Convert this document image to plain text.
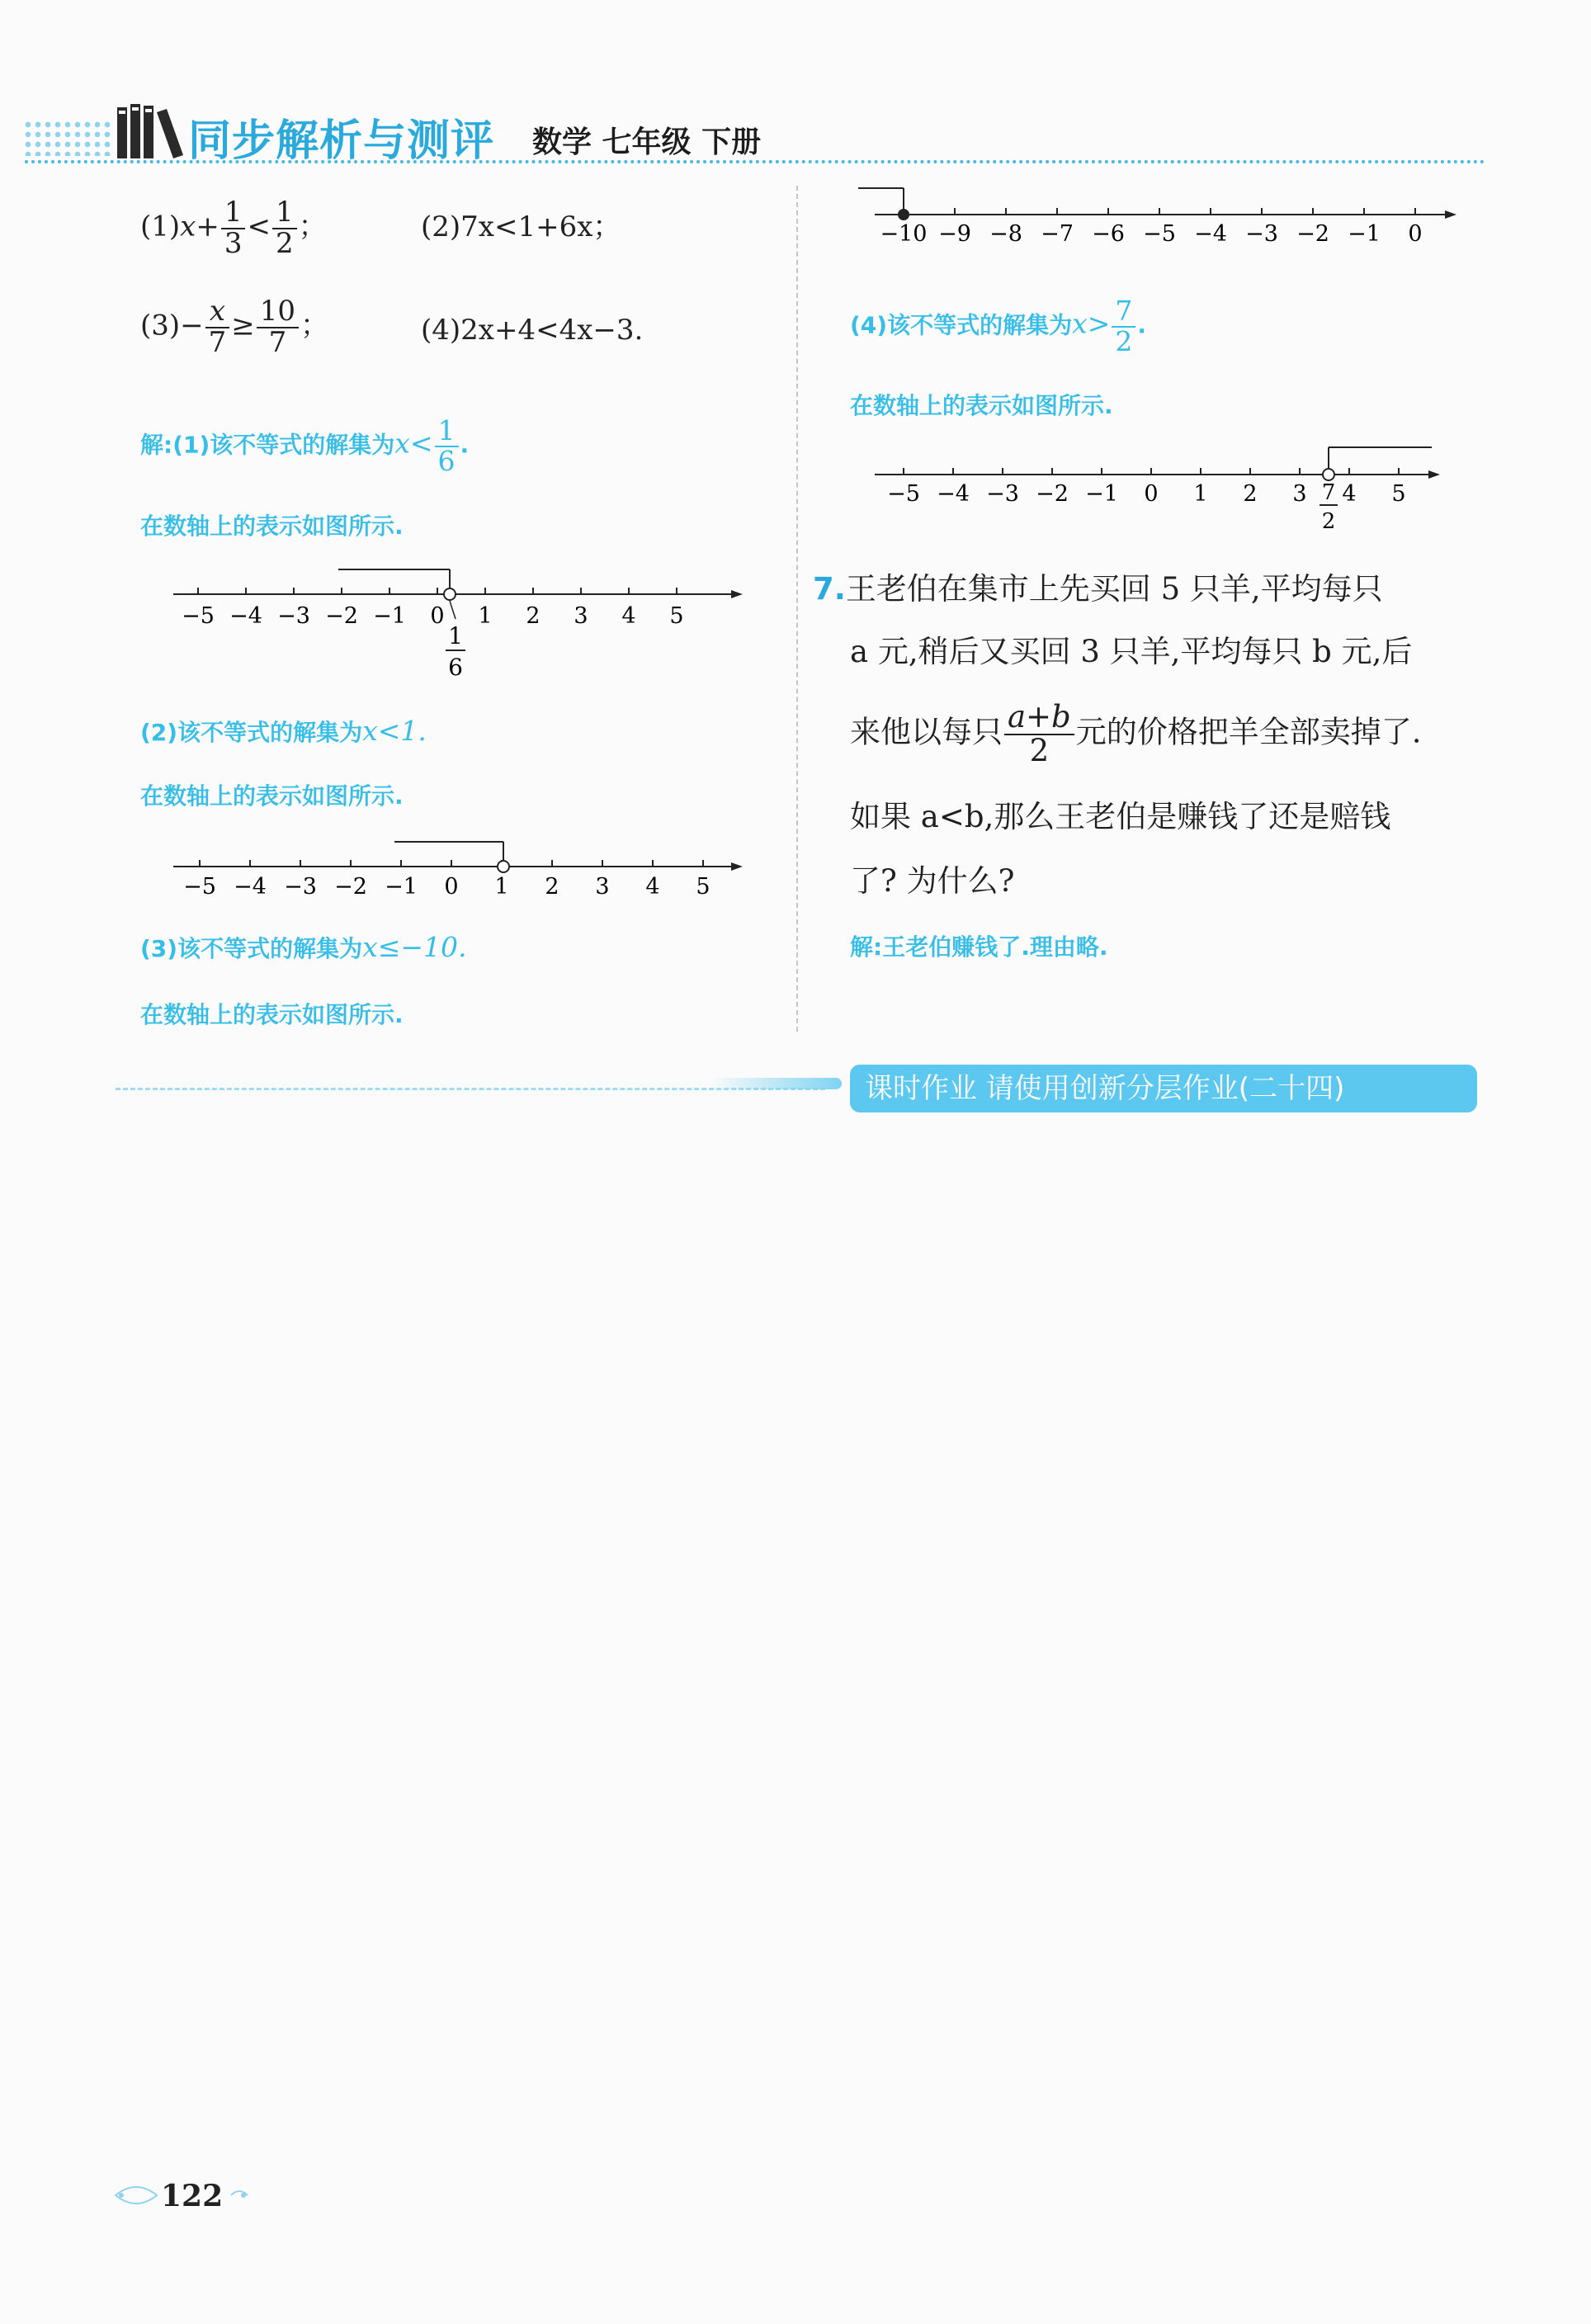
同步解析与测评 数学 七年级 下册
$(1)x+ \frac{1}{3} < \frac{1}{2}$ ；	(2)7x<1+6x；
$(3)- \frac{x}{7} \ge \frac{10}{7}$ ；	(4)2x+4<4x−3.
解:(1)该不等式的解集为$x< \frac{1}{6}$ .
在数轴上的表示如图所示.
−5 −4 −3 −2 −1 0 1 2 3 4 5
1
6
(2)该不等式的解集为x<1.
在数轴上的表示如图所示.
−5 −4 −3 −2 −1 0 1 2 3 4 5
(3)该不等式的解集为x≤−10.
在数轴上的表示如图所示.
−10 −9 −8 −7 −6 −5 −4 −3 −2 −1 0
(4)该不等式的解集为$x> \frac{7}{2}$ .
在数轴上的表示如图所示.
−5 −4 −3 −2 −1 0 1 2 3 4 5
7
2
7.王老伯在集市上先买回 5 只羊,平均每只
a 元,稍后又买回 3 只羊,平均每只 b 元,后
来他以每只 $\frac{a+b}{2}$ 元的价格把羊全部卖掉了.
如果 a<b,那么王老伯是赚钱了还是赔钱
了? 为什么?
解:王老伯赚钱了.理由略.
课时作业 请使用创新分层作业(二十四)
122
